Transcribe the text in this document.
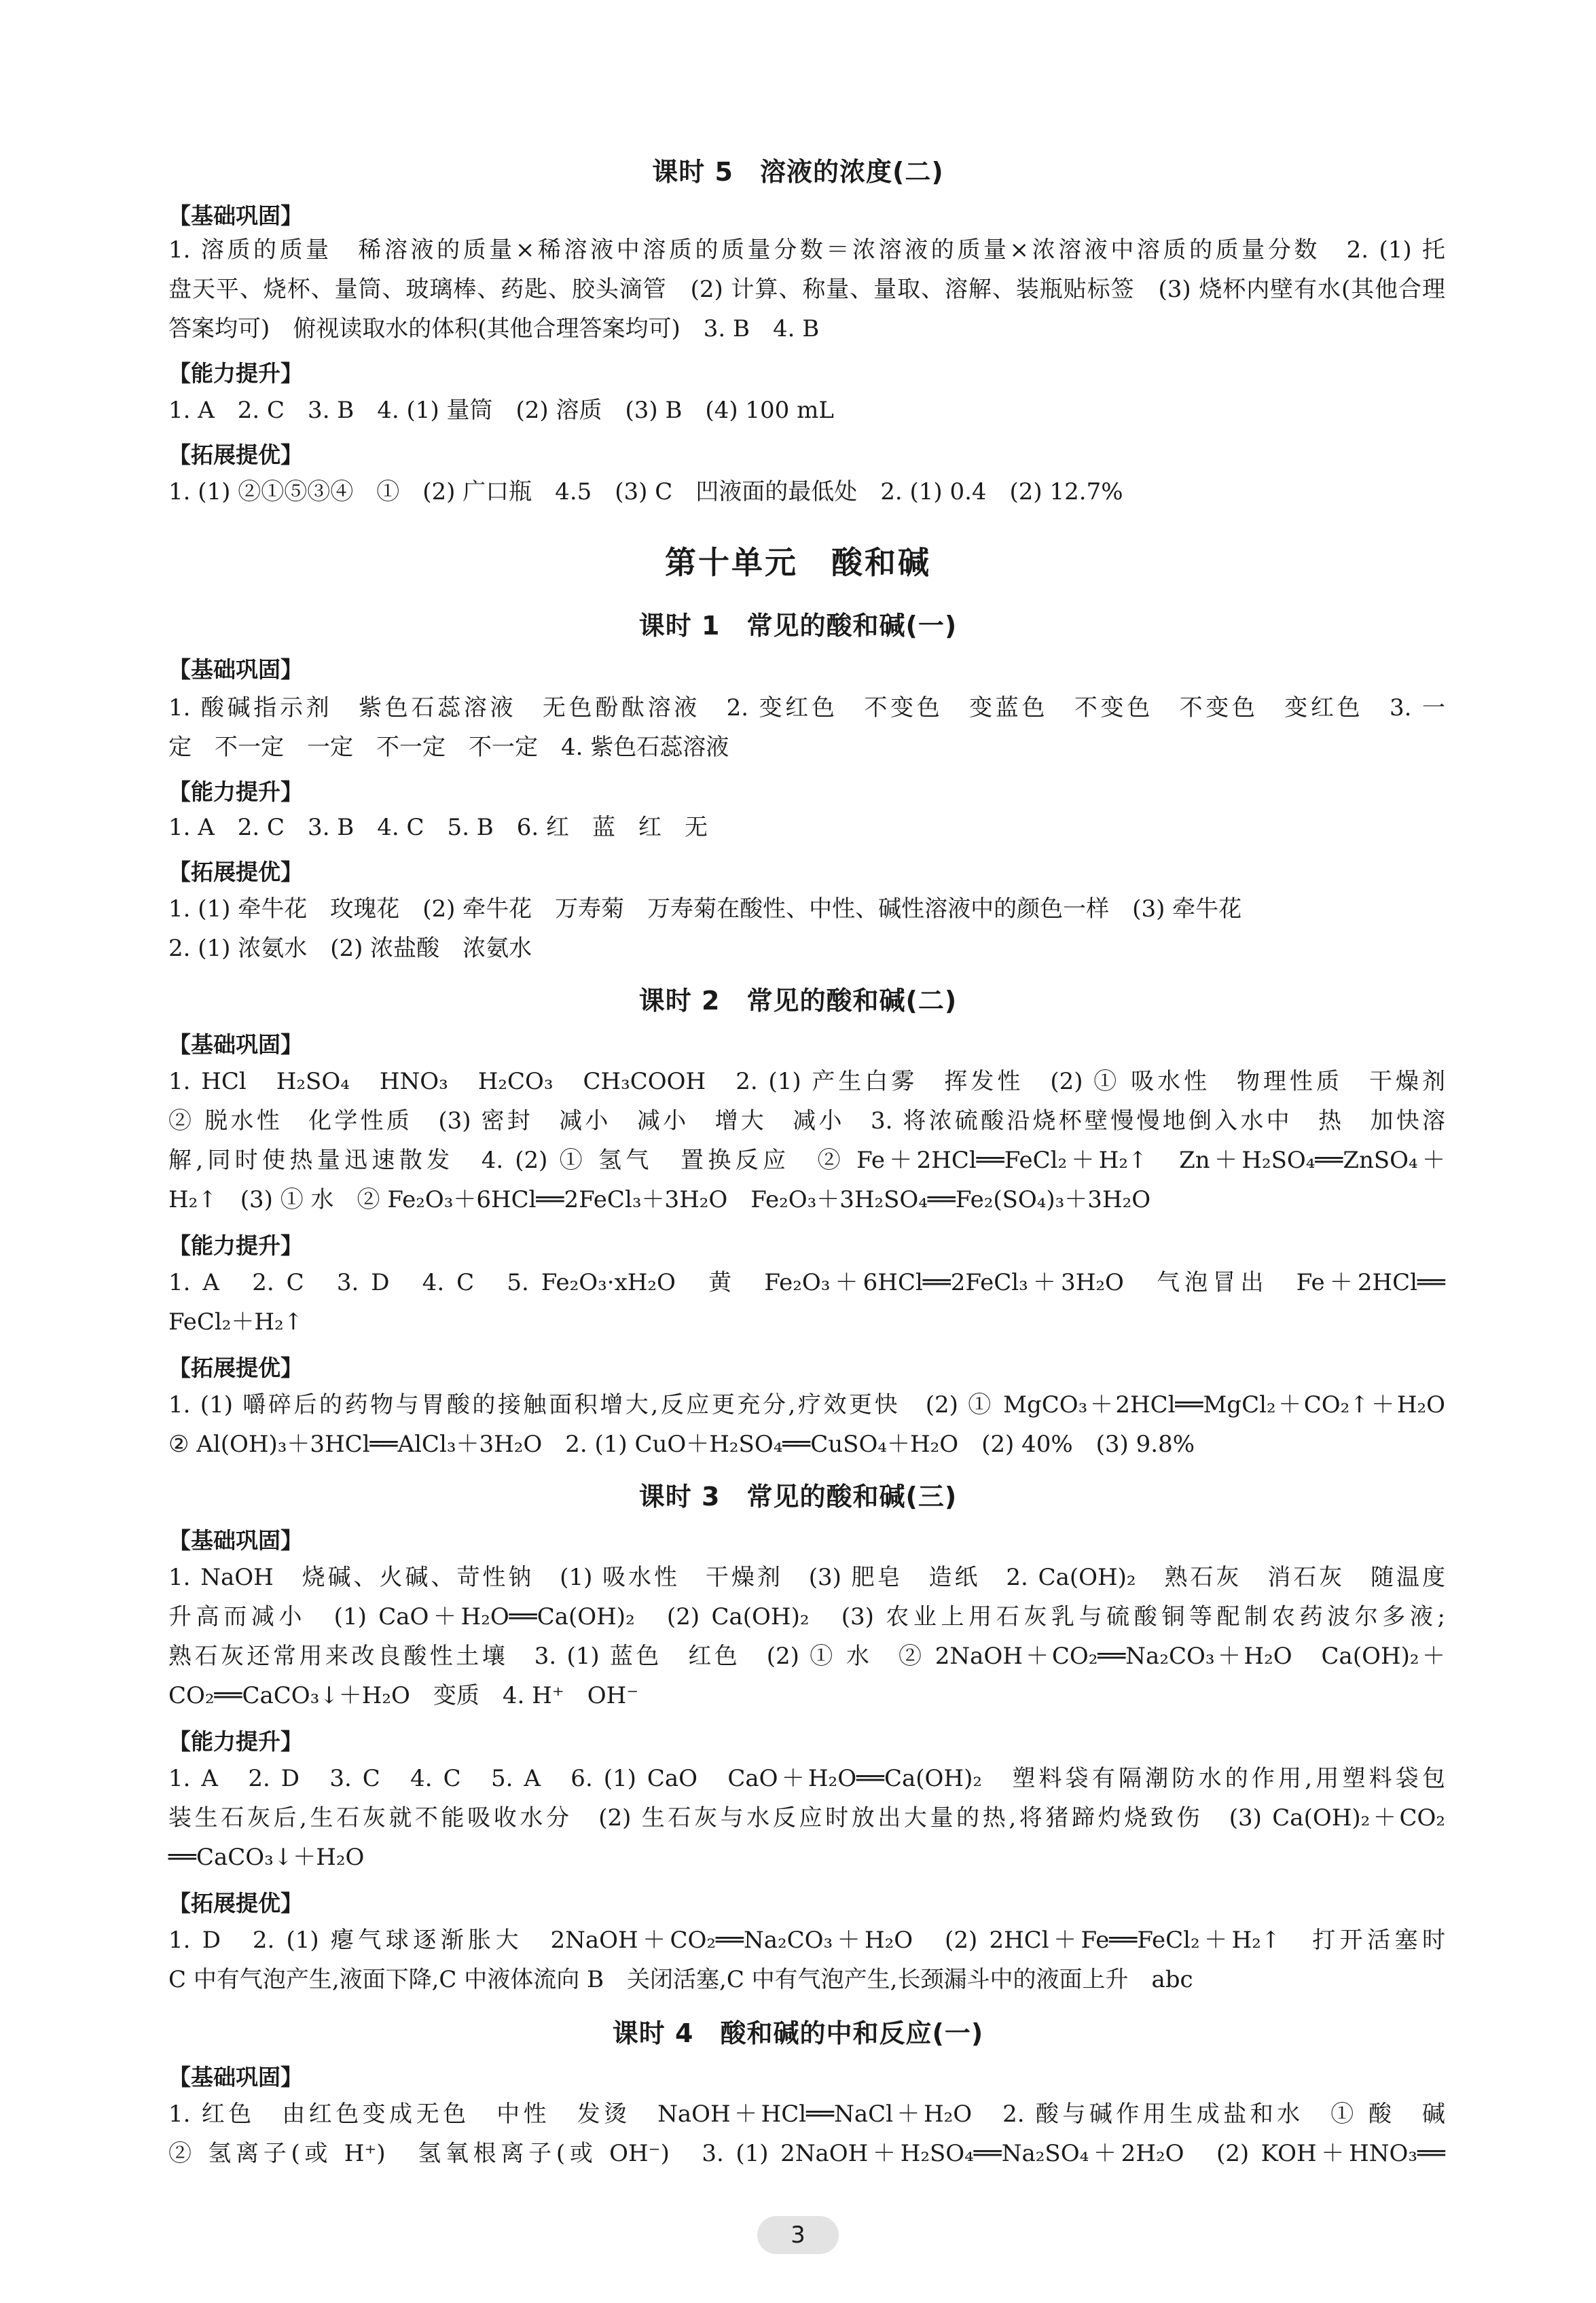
课时 5　溶液的浓度(二)
【基础巩固】
1. 溶质的质量　稀溶液的质量×稀溶液中溶质的质量分数＝浓溶液的质量×浓溶液中溶质的质量分数　2. (1) 托
盘天平、烧杯、量筒、玻璃棒、药匙、胶头滴管　(2) 计算、称量、量取、溶解、装瓶贴标签　(3) 烧杯内壁有水(其他合理
答案均可)　俯视读取水的体积(其他合理答案均可)　3. B　4. B
【能力提升】
1. A　2. C　3. B　4. (1) 量筒　(2) 溶质　(3) B　(4) 100 mL
【拓展提优】
1. (1) ②①⑤③④　①　(2) 广口瓶　4.5　(3) C　凹液面的最低处　2. (1) 0.4　(2) 12.7%
第十单元　酸和碱
课时 1　常见的酸和碱(一)
【基础巩固】
1. 酸碱指示剂　紫色石蕊溶液　无色酚酞溶液　2. 变红色　不变色　变蓝色　不变色　不变色　变红色　3. 一
定　不一定　一定　不一定　不一定　4. 紫色石蕊溶液
【能力提升】
1. A　2. C　3. B　4. C　5. B　6. 红　蓝　红　无
【拓展提优】
1. (1) 牵牛花　玫瑰花　(2) 牵牛花　万寿菊　万寿菊在酸性、中性、碱性溶液中的颜色一样　(3) 牵牛花
2. (1) 浓氨水　(2) 浓盐酸　浓氨水
课时 2　常见的酸和碱(二)
【基础巩固】
1. HCl　H₂SO₄　HNO₃　H₂CO₃　CH₃COOH　2. (1) 产生白雾　挥发性　(2) ① 吸水性　物理性质　干燥剂
② 脱水性　化学性质　(3) 密封　减小　减小　增大　减小　3. 将浓硫酸沿烧杯壁慢慢地倒入水中　热　加快溶
解,同时使热量迅速散发　4. (2) ① 氢气　置换反应　② Fe＋2HCl══FeCl₂＋H₂↑　Zn＋H₂SO₄══ZnSO₄＋
H₂↑　(3) ① 水　② Fe₂O₃＋6HCl══2FeCl₃＋3H₂O　Fe₂O₃＋3H₂SO₄══Fe₂(SO₄)₃＋3H₂O
【能力提升】
1. A　2. C　3. D　4. C　5. Fe₂O₃·xH₂O　黄　Fe₂O₃＋6HCl══2FeCl₃＋3H₂O　气泡冒出　Fe＋2HCl══
FeCl₂＋H₂↑
【拓展提优】
1. (1) 嚼碎后的药物与胃酸的接触面积增大,反应更充分,疗效更快　(2) ① MgCO₃＋2HCl══MgCl₂＋CO₂↑＋H₂O
② Al(OH)₃＋3HCl══AlCl₃＋3H₂O　2. (1) CuO＋H₂SO₄══CuSO₄＋H₂O　(2) 40%　(3) 9.8%
课时 3　常见的酸和碱(三)
【基础巩固】
1. NaOH　烧碱、火碱、苛性钠　(1) 吸水性　干燥剂　(3) 肥皂　造纸　2. Ca(OH)₂　熟石灰　消石灰　随温度
升高而减小　(1) CaO＋H₂O══Ca(OH)₂　(2) Ca(OH)₂　(3) 农业上用石灰乳与硫酸铜等配制农药波尔多液;
熟石灰还常用来改良酸性土壤　3. (1) 蓝色　红色　(2) ① 水　② 2NaOH＋CO₂══Na₂CO₃＋H₂O　Ca(OH)₂＋
CO₂══CaCO₃↓＋H₂O　变质　4. H⁺　OH⁻
【能力提升】
1. A　2. D　3. C　4. C　5. A　6. (1) CaO　CaO＋H₂O══Ca(OH)₂　塑料袋有隔潮防水的作用,用塑料袋包
装生石灰后,生石灰就不能吸收水分　(2) 生石灰与水反应时放出大量的热,将猪蹄灼烧致伤　(3) Ca(OH)₂＋CO₂
══CaCO₃↓＋H₂O
【拓展提优】
1. D　2. (1) 瘪气球逐渐胀大　2NaOH＋CO₂══Na₂CO₃＋H₂O　(2) 2HCl＋Fe══FeCl₂＋H₂↑　打开活塞时
C 中有气泡产生,液面下降,C 中液体流向 B　关闭活塞,C 中有气泡产生,长颈漏斗中的液面上升　abc
课时 4　酸和碱的中和反应(一)
【基础巩固】
1. 红色　由红色变成无色　中性　发烫　NaOH＋HCl══NaCl＋H₂O　2. 酸与碱作用生成盐和水　① 酸　碱
② 氢离子(或 H⁺)　氢氧根离子(或 OH⁻)　3. (1) 2NaOH＋H₂SO₄══Na₂SO₄＋2H₂O　(2) KOH＋HNO₃══
3
